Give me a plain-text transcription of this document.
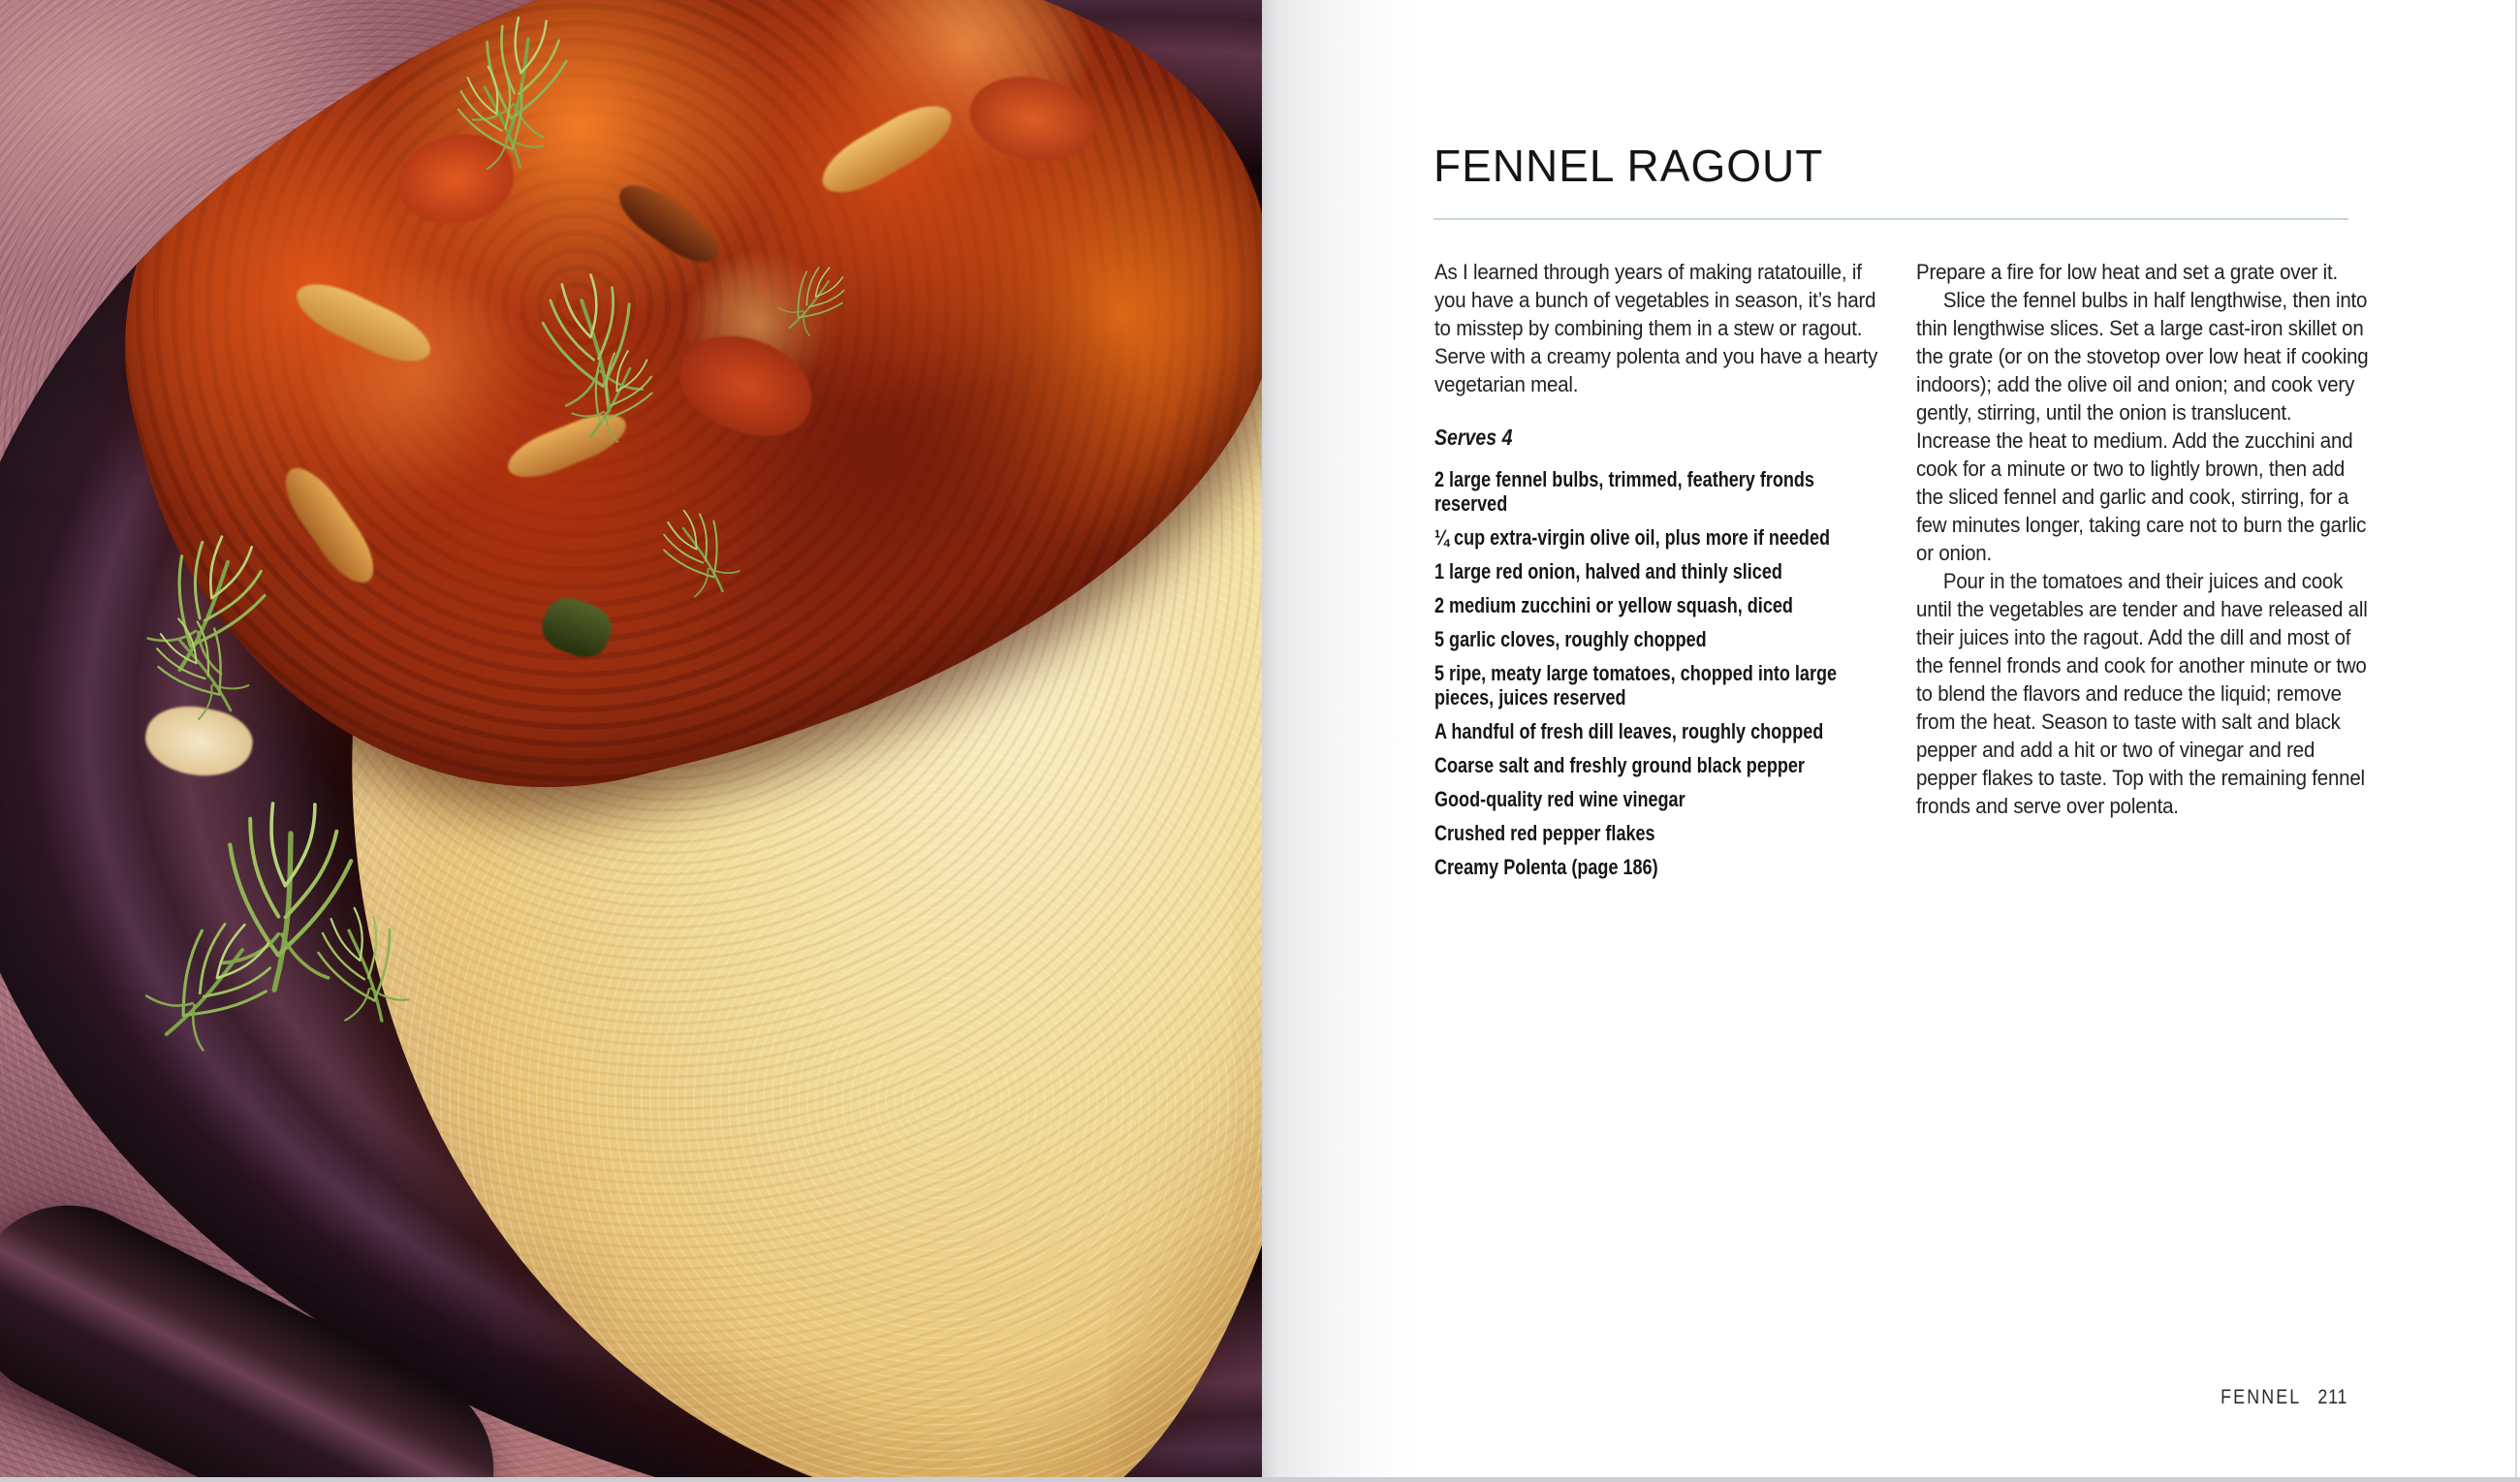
FENNEL RAGOUT
As I learned through years of making ratatouille, if you have a bunch of vegetables in season, it’s hard to misstep by combining them in a stew or ragout. Serve with a creamy polenta and you have a hearty vegetarian meal.
Serves 4
2 large fennel bulbs, trimmed, feathery fronds reserved
¼ cup extra-virgin olive oil, plus more if needed
1 large red onion, halved and thinly sliced
2 medium zucchini or yellow squash, diced
5 garlic cloves, roughly chopped
5 ripe, meaty large tomatoes, chopped into large pieces, juices reserved
A handful of fresh dill leaves, roughly chopped
Coarse salt and freshly ground black pepper
Good-quality red wine vinegar
Crushed red pepper flakes
Creamy Polenta (page 186)

Prepare a fire for low heat and set a grate over it.

Slice the fennel bulbs in half lengthwise, then into thin lengthwise slices. Set a large cast-iron skillet on the grate (or on the stovetop over low heat if cooking indoors); add the olive oil and onion; and cook very gently, stirring, until the onion is translucent. Increase the heat to medium. Add the zucchini and cook for a minute or two to lightly brown, then add the sliced fennel and garlic and cook, stirring, for a few minutes longer, taking care not to burn the garlic or onion.

Pour in the tomatoes and their juices and cook until the vegetables are tender and have released all their juices into the ragout. Add the dill and most of the fennel fronds and cook for another minute or two to blend the flavors and reduce the liquid; remove from the heat. Season to taste with salt and black pepper and add a hit or two of vinegar and red pepper flakes to taste. Top with the remaining fennel fronds and serve over polenta.

FENNEL 211
